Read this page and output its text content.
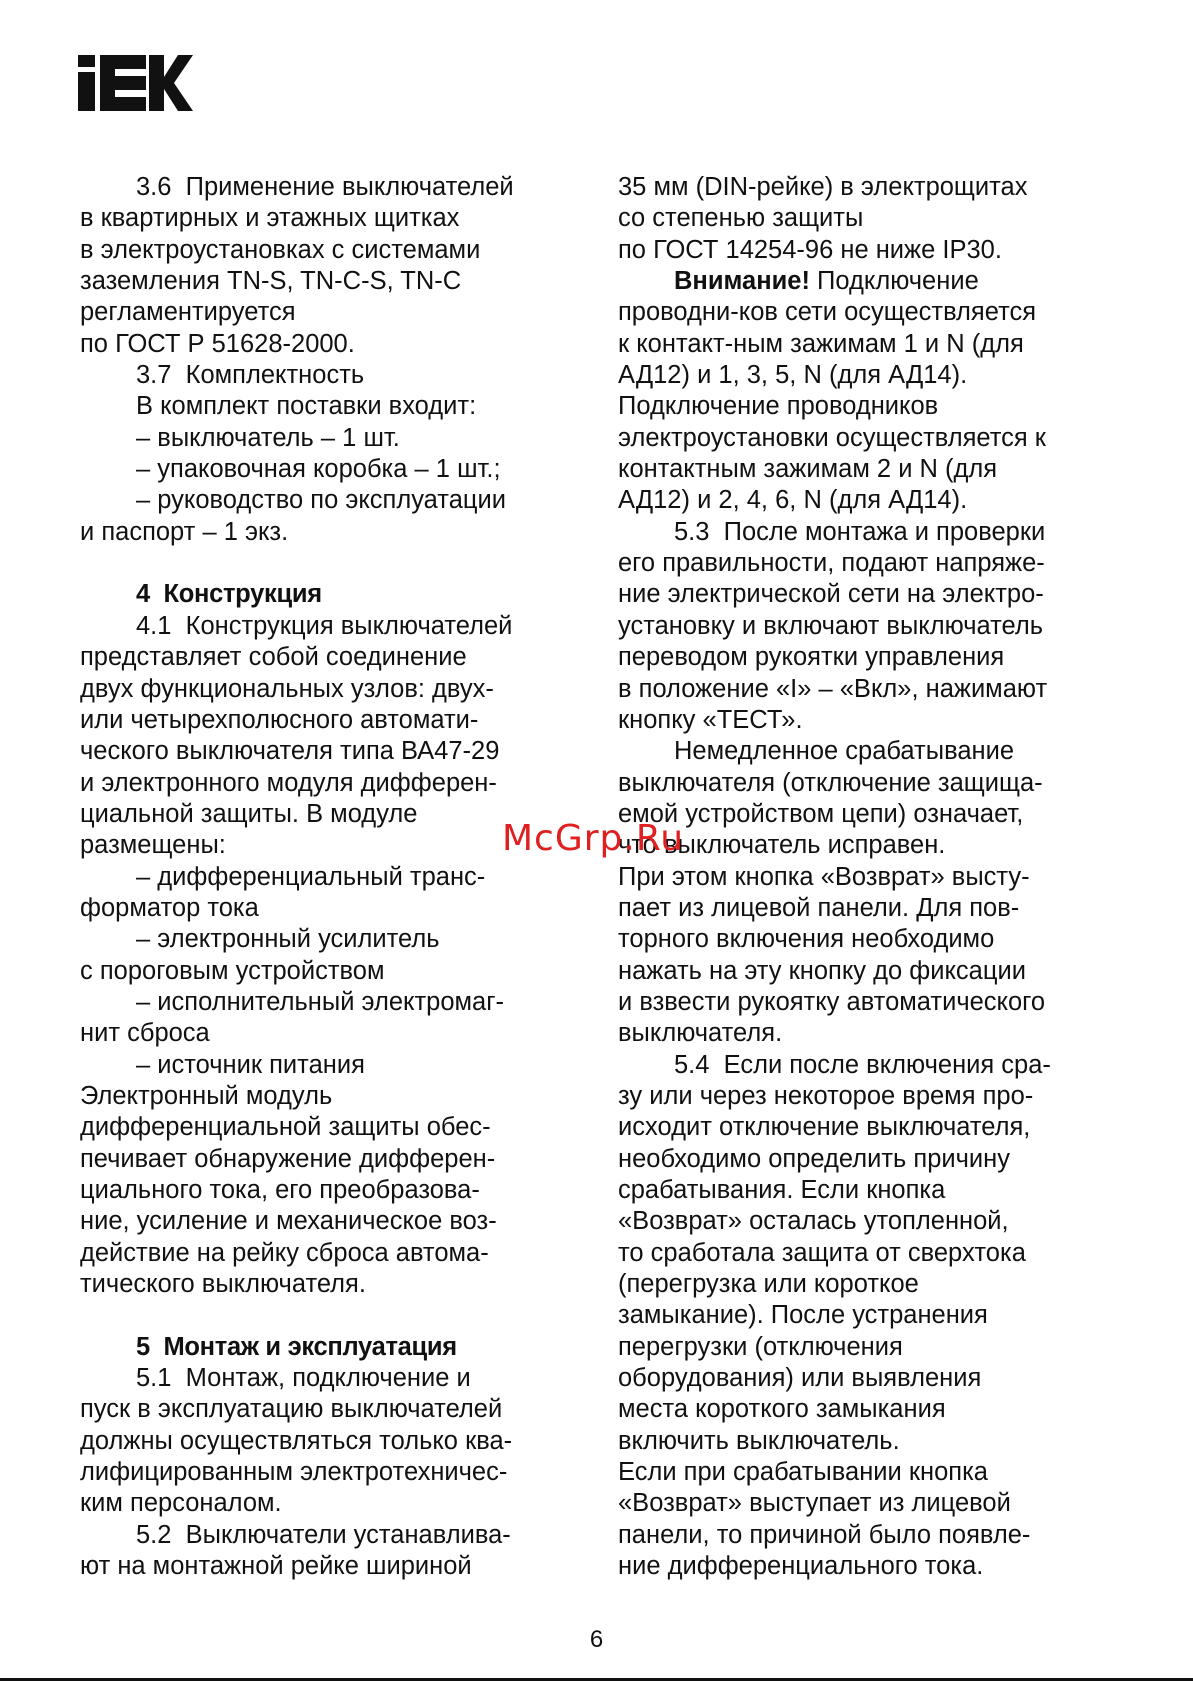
3.6  Применение выключателей
в квартирных и этажных щитках
в электроустановках с системами
заземления TN-S, TN-C-S, TN-C
регламентируется
по ГОСТ Р 51628-2000.
3.7  Комплектность
В комплект поставки входит:
– выключатель – 1 шт.
– упаковочная коробка – 1 шт.;
– руководство по эксплуатации
и паспорт – 1 экз.
4  Конструкция
4.1  Конструкция выключателей
представляет собой соединение
двух функциональных узлов: двух-
или четырехполюсного автомати-
ческого выключателя типа ВА47-29
и электронного модуля дифферен-
циальной защиты. В модуле
размещены:
– дифференциальный транс-
форматор тока
– электронный усилитель
с пороговым устройством
– исполнительный электромаг-
нит сброса
– источник питания
Электронный модуль
дифференциальной защиты обес-
печивает обнаружение дифферен-
циального тока, его преобразова-
ние, усиление и механическое воз-
действие на рейку сброса автома-
тического выключателя.
5  Монтаж и эксплуатация
5.1  Монтаж, подключение и
пуск в эксплуатацию выключателей
должны осуществляться только ква-
лифицированным электротехничес-
ким персоналом.
5.2  Выключатели устанавлива-
ют на монтажной рейке шириной
35 мм (DIN-рейке) в электрощитах
со степенью защиты
по ГОСТ 14254-96 не ниже IP30.
Внимание! Подключение
проводни-ков сети осуществляется
к контакт-ным зажимам 1 и N (для
АД12) и 1, 3, 5, N (для АД14).
Подключение проводников
электроустановки осуществляется к
контактным зажимам 2 и N (для
АД12) и 2, 4, 6, N (для АД14).
5.3  После монтажа и проверки
его правильности, подают напряже-
ние электрической сети на электро-
установку и включают выключатель
переводом рукоятки управления
в положение «I» – «Вкл», нажимают
кнопку «ТЕСТ».
Немедленное срабатывание
выключателя (отключение защища-
емой устройством цепи) означает,
что выключатель исправен.
При этом кнопка «Возврат» высту-
пает из лицевой панели. Для пов-
торного включения необходимо
нажать на эту кнопку до фиксации
и взвести рукоятку автоматического
выключателя.
5.4  Если после включения сра-
зу или через некоторое время про-
исходит отключение выключателя,
необходимо определить причину
срабатывания. Если кнопка
«Возврат» осталась утопленной,
то сработала защита от сверхтока
(перегрузка или короткое
замыкание). После устранения
перегрузки (отключения
оборудования) или выявления
места короткого замыкания
включить выключатель.
Если при срабатывании кнопка
«Возврат» выступает из лицевой
панели, то причиной было появле-
ние дифференциального тока.
McGrp.Ru
6
